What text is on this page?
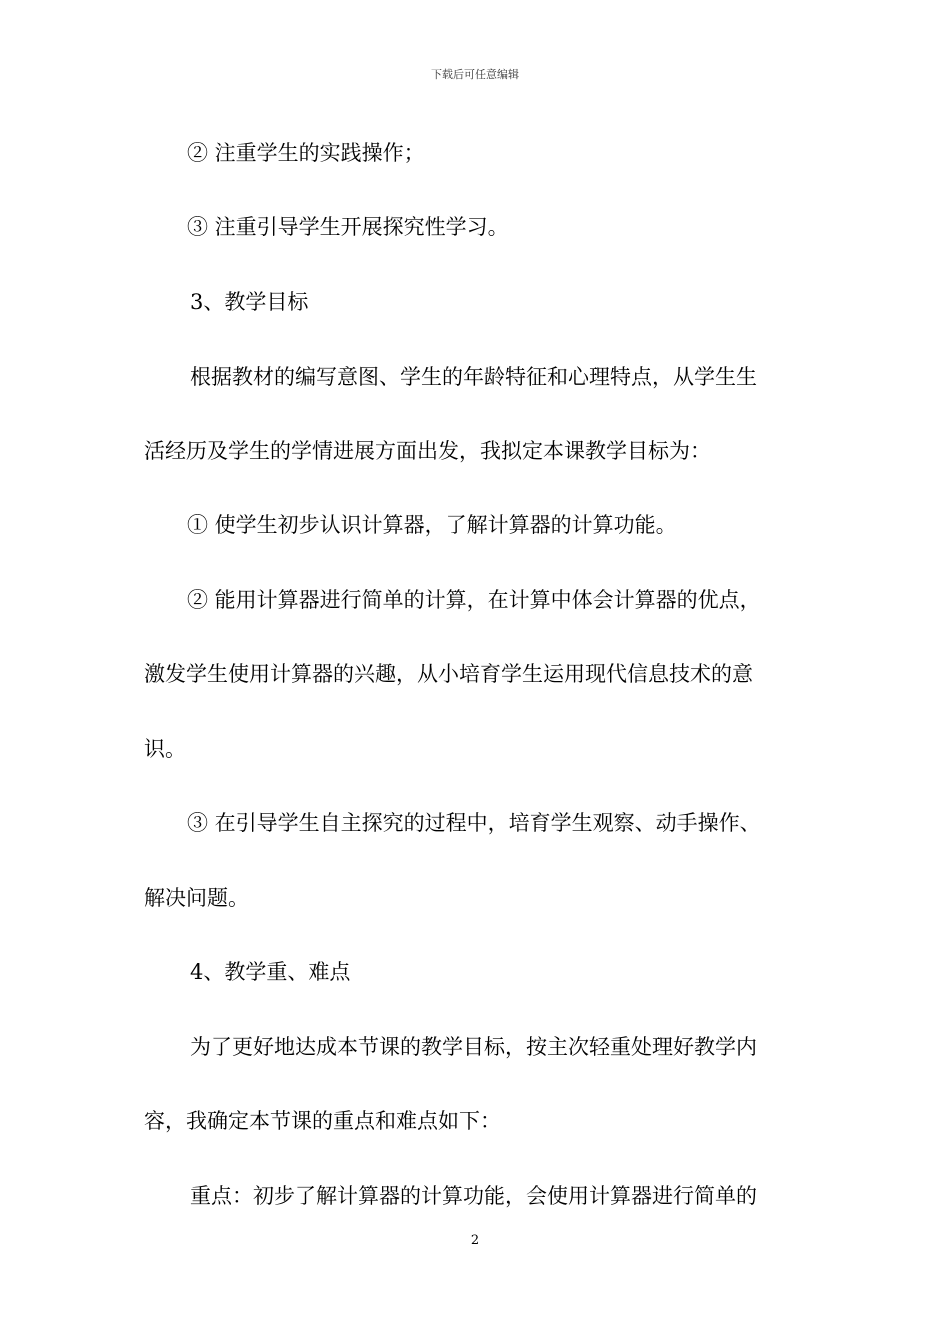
下载后可任意编辑
② 注重学生的实践操作；
③ 注重引导学生开展探究性学习。
3、教学目标
根据教材的编写意图、学生的年龄特征和心理特点，从学生生
活经历及学生的学情进展方面出发，我拟定本课教学目标为：
① 使学生初步认识计算器，了解计算器的计算功能。
② 能用计算器进行简单的计算，在计算中体会计算器的优点，
激发学生使用计算器的兴趣，从小培育学生运用现代信息技术的意
识。
③ 在引导学生自主探究的过程中，培育学生观察、动手操作、
解决问题。
4、教学重、难点
为了更好地达成本节课的教学目标，按主次轻重处理好教学内
容，我确定本节课的重点和难点如下：
重点：初步了解计算器的计算功能，会使用计算器进行简单的
2
